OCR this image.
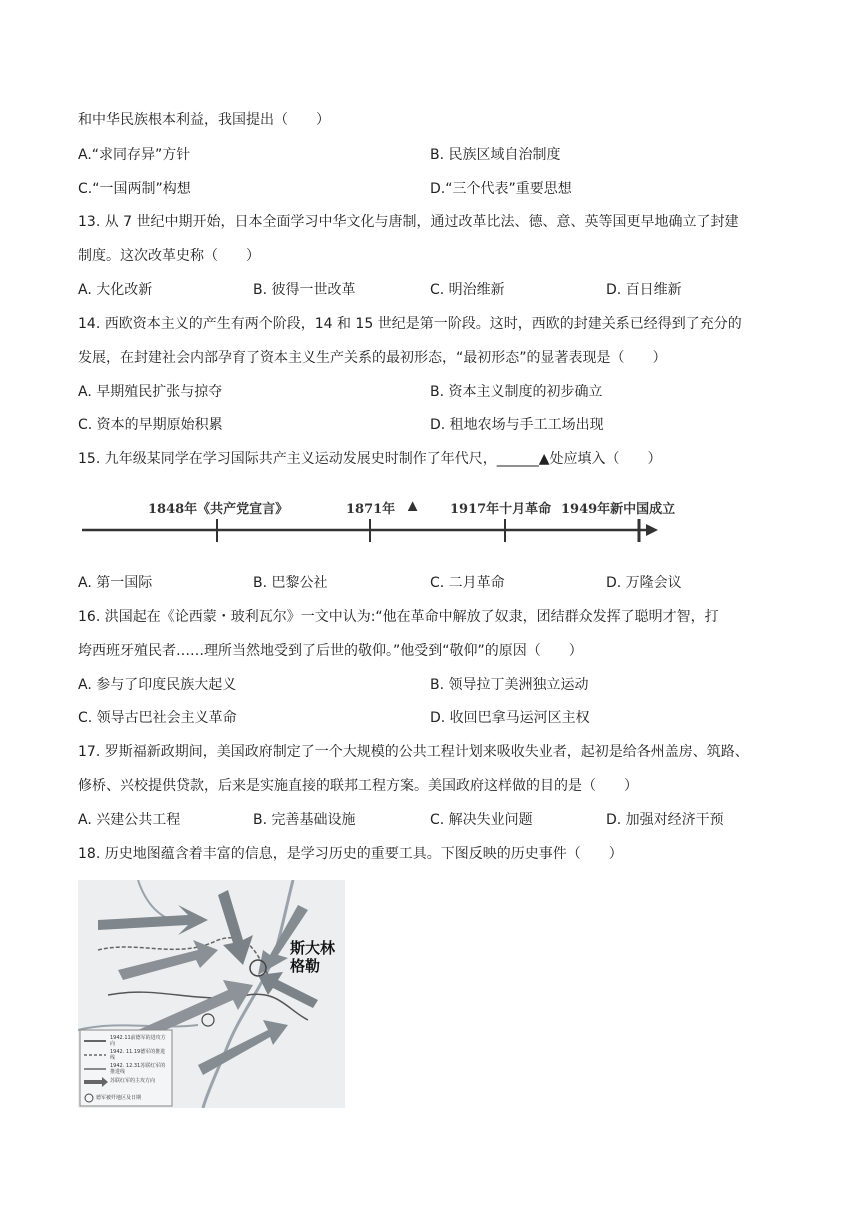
和中华民族根本利益，我国提出（　　）
A.“求同存异”方针	B. 民族区域自治制度
C.“一国两制”构想	D.“三个代表”重要思想
13. 从 7 世纪中期开始，日本全面学习中华文化与唐制，通过改革比法、德、意、英等国更早地确立了封建
制度。这次改革史称（　　）
A. 大化改新	B. 彼得一世改革	C. 明治维新	D. 百日维新
14. 西欧资本主义的产生有两个阶段，14 和 15 世纪是第一阶段。这时，西欧的封建关系已经得到了充分的
发展，在封建社会内部孕育了资本主义生产关系的最初形态，“最初形态”的显著表现是（　　）
A. 早期殖民扩张与掠夺	B. 资本主义制度的初步确立
C. 资本的早期原始积累	D. 租地农场与手工工场出现
15. 九年级某同学在学习国际共产主义运动发展史时制作了年代尺，______▲处应填入（　　）
1848年《共产党宣言》	1871年	▲	1917年十月革命 1949年新中国成立
A. 第一国际	B. 巴黎公社	C. 二月革命	D. 万隆会议
16. 洪国起在《论西蒙・玻利瓦尔》一文中认为:“他在革命中解放了奴隶，团结群众发挥了聪明才智，打
垮西班牙殖民者……理所当然地受到了后世的敬仰。”他受到“敬仰”的原因（　　）
A. 参与了印度民族大起义	B. 领导拉丁美洲独立运动
C. 领导古巴社会主义革命	D. 收回巴拿马运河区主权
17. 罗斯福新政期间，美国政府制定了一个大规模的公共工程计划来吸收失业者，起初是给各州盖房、筑路、
修桥、兴校提供贷款，后来是实施直接的联邦工程方案。美国政府这样做的目的是（　　）
A. 兴建公共工程	B. 完善基础设施	C. 解决失业问题	D. 加强对经济干预
18. 历史地图蕴含着丰富的信息，是学习历史的重要工具。下图反映的历史事件（　　）
斯大林格勒
1942.11前德军的进攻方向
1942. 11.19德军的推进线
1942. 12.31苏联红军的推进线
苏联红军的主攻方向
德军被歼地区及日期
